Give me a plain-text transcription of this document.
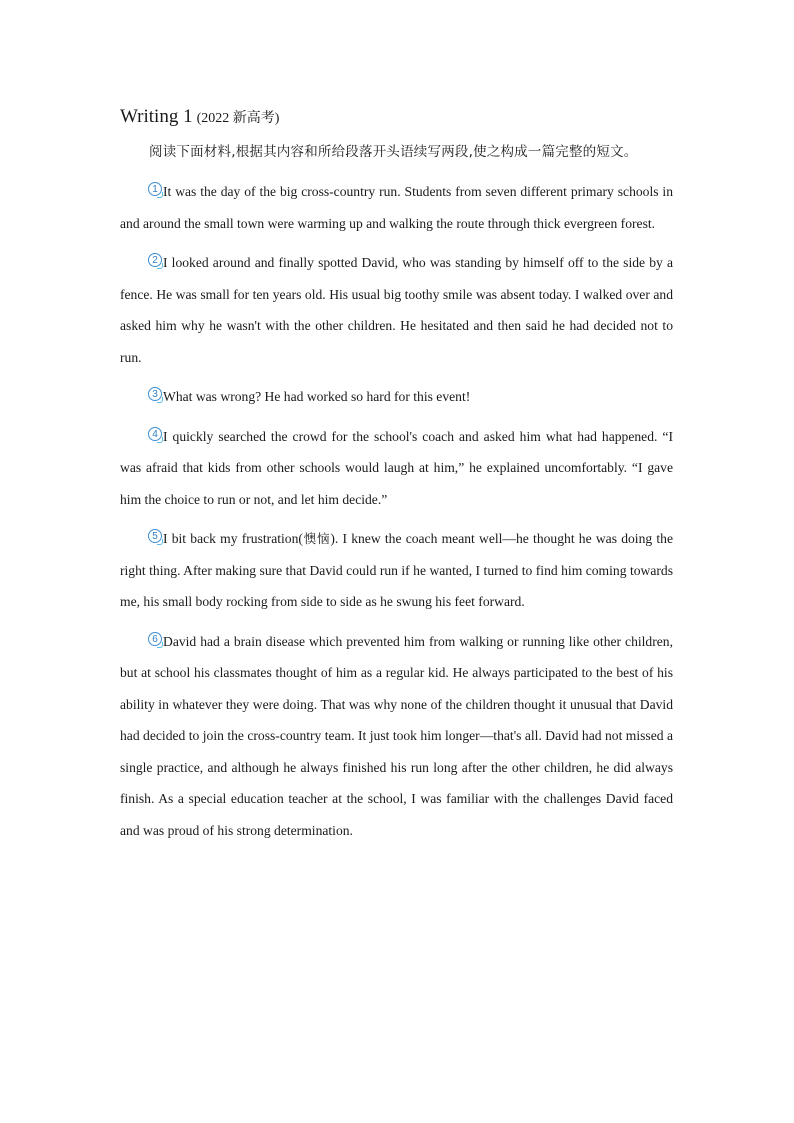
Writing 1 (2022 新高考)

阅读下面材料,根据其内容和所给段落开头语续写两段,使之构成一篇完整的短文。

1 It was the day of the big cross-country run. Students from seven different primary schools in and around the small town were warming up and walking the route through thick evergreen forest.

2 I looked around and finally spotted David, who was standing by himself off to the side by a fence. He was small for ten years old. His usual big toothy smile was absent today. I walked over and asked him why he wasn't with the other children. He hesitated and then said he had decided not to run.

3 What was wrong? He had worked so hard for this event!

4 I quickly searched the crowd for the school's coach and asked him what had happened. “I was afraid that kids from other schools would laugh at him,” he explained uncomfortably. “I gave him the choice to run or not, and let him decide.”

5 I bit back my frustration(懊恼). I knew the coach meant well—he thought he was doing the right thing. After making sure that David could run if he wanted, I turned to find him coming towards me, his small body rocking from side to side as he swung his feet forward.

6 David had a brain disease which prevented him from walking or running like other children, but at school his classmates thought of him as a regular kid. He always participated to the best of his ability in whatever they were doing. That was why none of the children thought it unusual that David had decided to join the cross-country team. It just took him longer—that's all. David had not missed a single practice, and although he always finished his run long after the other children, he did always finish. As a special education teacher at the school, I was familiar with the challenges David faced and was proud of his strong determination.
